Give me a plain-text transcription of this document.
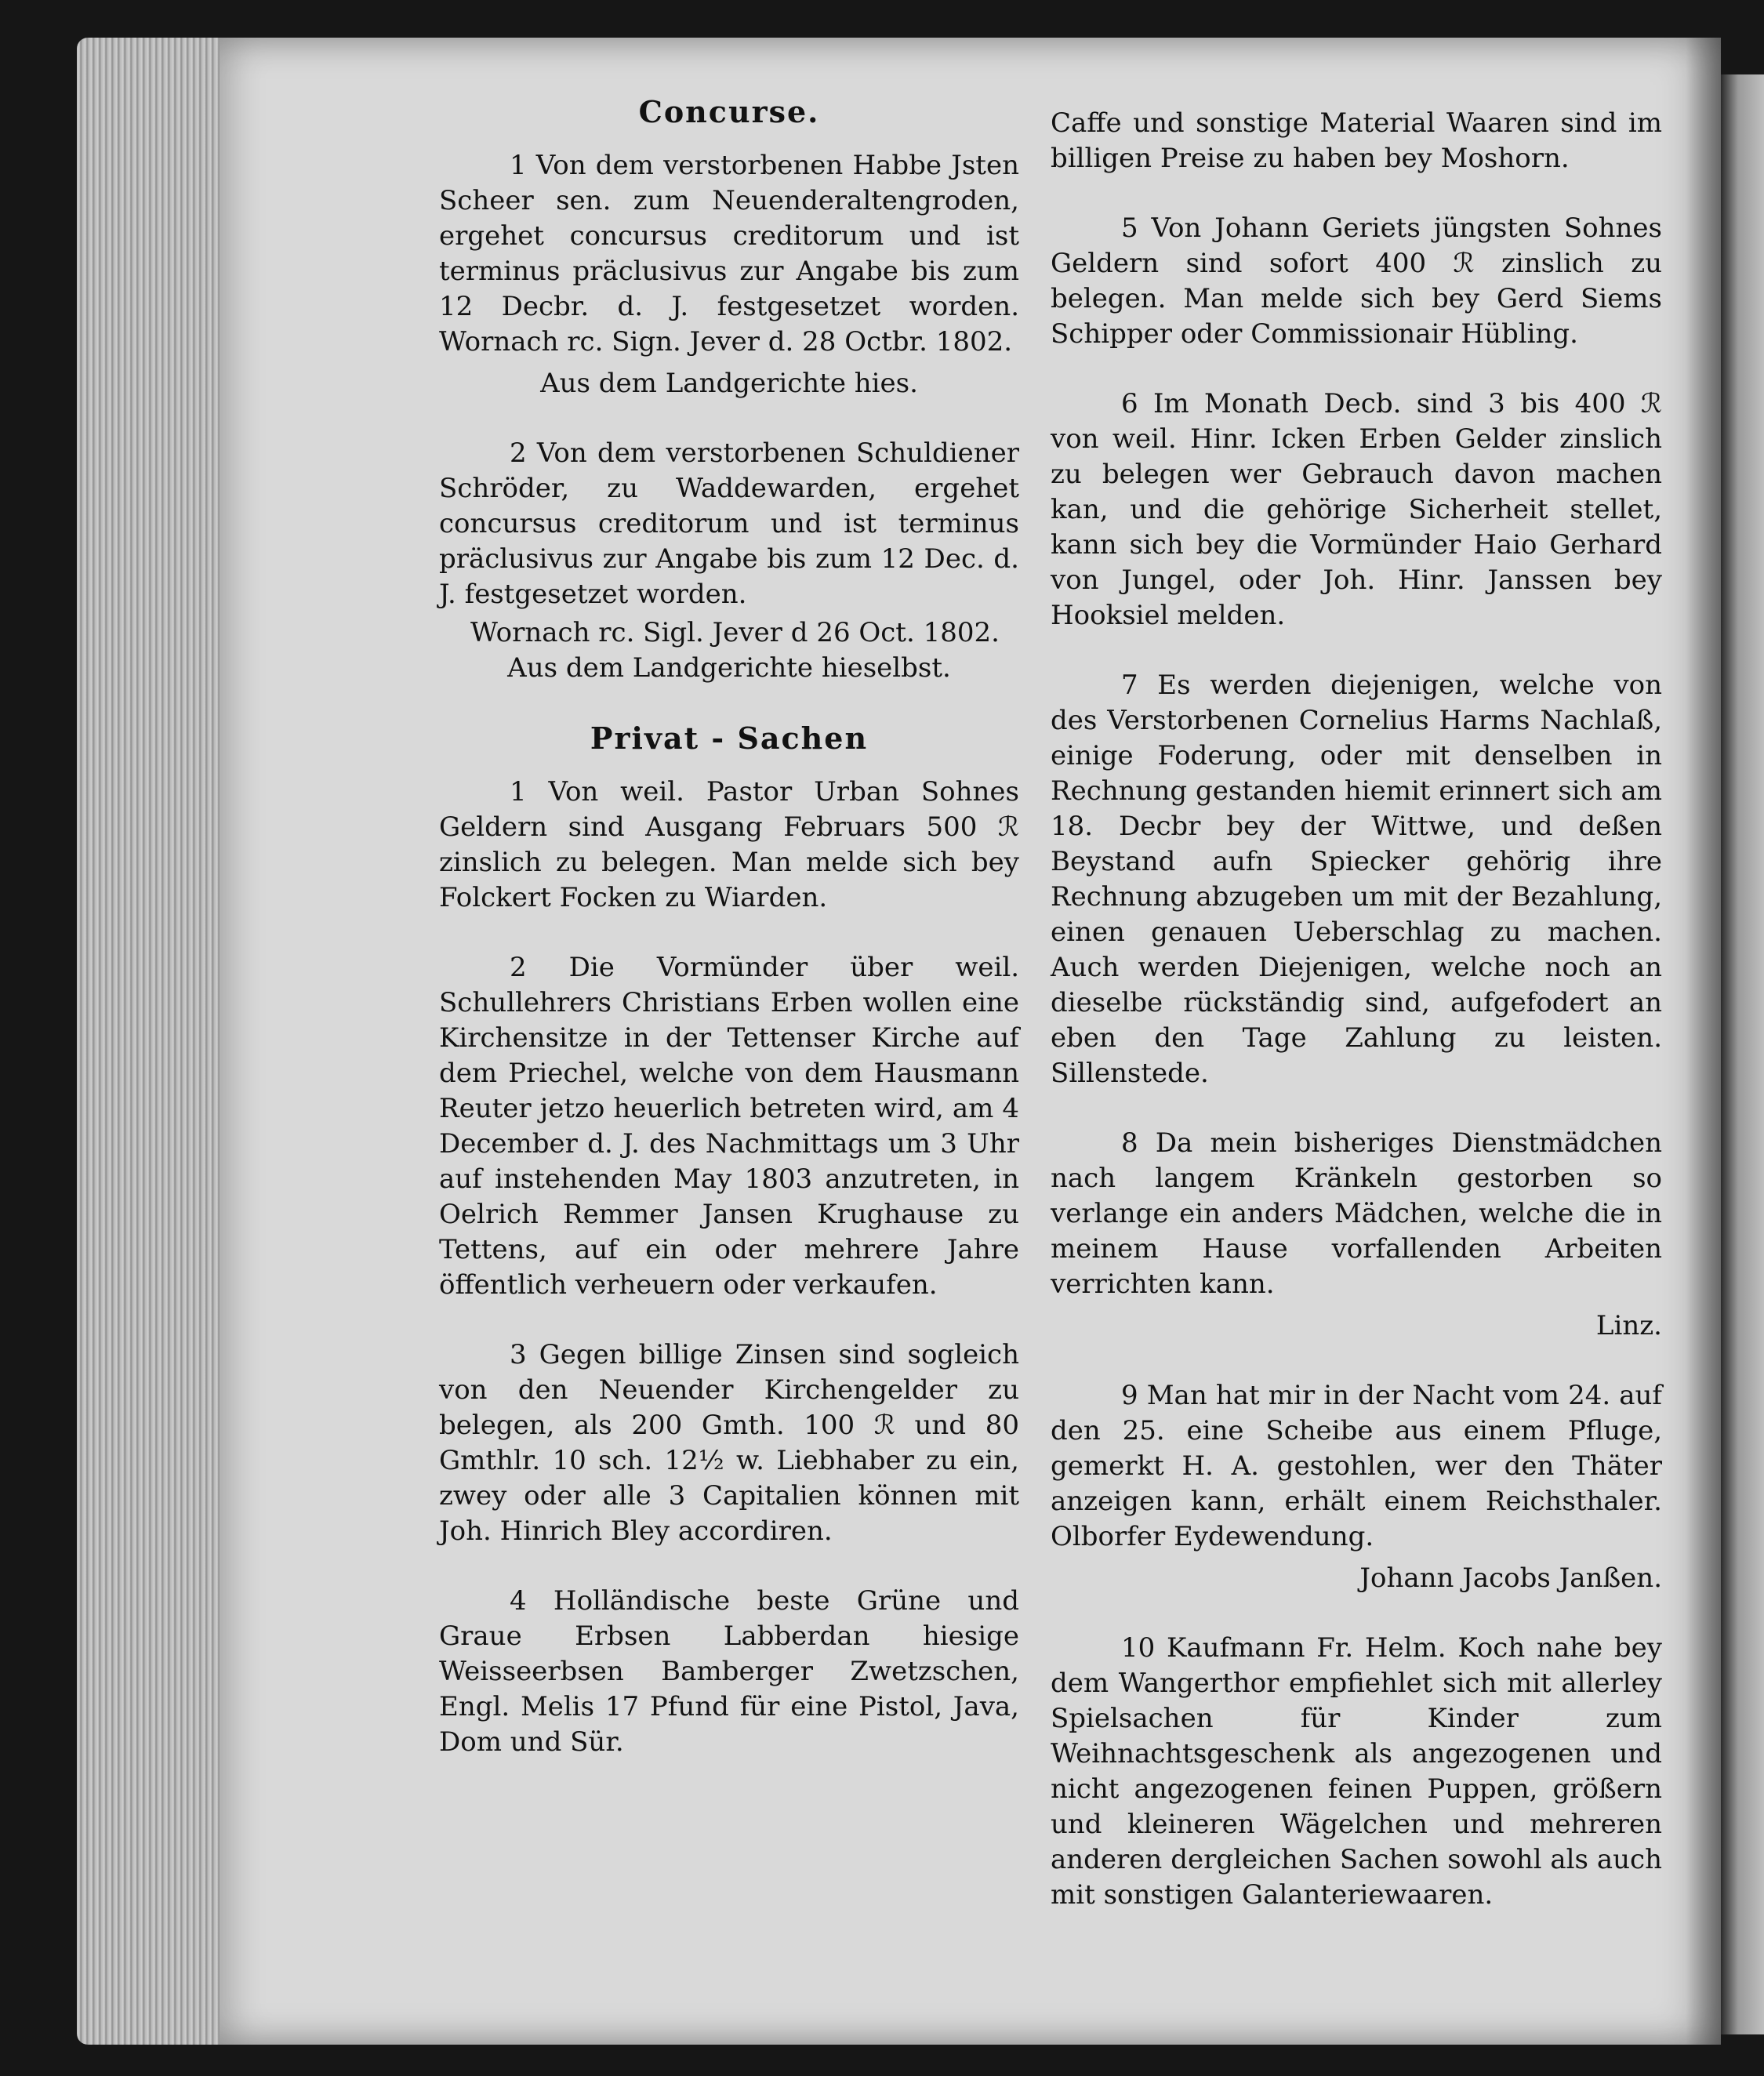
Concurse.

1 Von dem verstorbenen Habbe Jsten Scheer sen. zum Neuenderaltengroden, ergehet concursus creditorum und ist terminus präclusivus zur Angabe bis zum 12 Decbr. d. J. festgesetzet worden. Wornach rc. Sign. Jever d. 28 Octbr. 1802.

Aus dem Landgerichte hies.

2 Von dem verstorbenen Schuldiener Schröder, zu Waddewarden, ergehet concursus creditorum und ist terminus präclusivus zur Angabe bis zum 12 Dec. d. J. festgesetzet worden.

Wornach rc. Sigl. Jever d 26 Oct. 1802.

Aus dem Landgerichte hieselbst.

Privat - Sachen

1 Von weil. Pastor Urban Sohnes Geldern sind Ausgang Februars 500 ℛ zinslich zu belegen. Man melde sich bey Folckert Focken zu Wiarden.

2 Die Vormünder über weil. Schullehrers Christians Erben wollen eine Kirchensitze in der Tettenser Kirche auf dem Priechel, welche von dem Hausmann Reuter jetzo heuerlich betreten wird, am 4 December d. J. des Nachmittags um 3 Uhr auf instehenden May 1803 anzutreten, in Oelrich Remmer Jansen Krughause zu Tettens, auf ein oder mehrere Jahre öffentlich verheuern oder verkaufen.

3 Gegen billige Zinsen sind sogleich von den Neuender Kirchengelder zu belegen, als 200 Gmth. 100 ℛ und 80 Gmthlr. 10 sch. 12½ w. Liebhaber zu ein, zwey oder alle 3 Capitalien können mit Joh. Hinrich Bley accordiren.

4 Holländische beste Grüne und Graue Erbsen Labberdan hiesige Weisseerbsen Bamberger Zwetzschen, Engl. Melis 17 Pfund für eine Pistol, Java, Dom und Sür.

Caffe und sonstige Material Waaren sind im billigen Preise zu haben bey Moshorn.

5 Von Johann Geriets jüngsten Sohnes Geldern sind sofort 400 ℛ zinslich zu belegen. Man melde sich bey Gerd Siems Schipper oder Commissionair Hübling.

6 Im Monath Decb. sind 3 bis 400 ℛ von weil. Hinr. Icken Erben Gelder zinslich zu belegen wer Gebrauch davon machen kan, und die gehörige Sicherheit stellet, kann sich bey die Vormünder Haio Gerhard von Jungel, oder Joh. Hinr. Janssen bey Hooksiel melden.

7 Es werden diejenigen, welche von des Verstorbenen Cornelius Harms Nachlaß, einige Foderung, oder mit denselben in Rechnung gestanden hiemit erinnert sich am 18. Decbr bey der Wittwe, und deßen Beystand aufn Spiecker gehörig ihre Rechnung abzugeben um mit der Bezahlung, einen genauen Ueberschlag zu machen. Auch werden Diejenigen, welche noch an dieselbe rückständig sind, aufgefodert an eben den Tage Zahlung zu leisten. Sillenstede.

8 Da mein bisheriges Dienstmädchen nach langem Kränkeln gestorben so verlange ein anders Mädchen, welche die in meinem Hause vorfallenden Arbeiten verrichten kann.

Linz.

9 Man hat mir in der Nacht vom 24. auf den 25. eine Scheibe aus einem Pfluge, gemerkt H. A. gestohlen, wer den Thäter anzeigen kann, erhält einem Reichsthaler. Olborfer Eydewendung.

Johann Jacobs Janßen.

10 Kaufmann Fr. Helm. Koch nahe bey dem Wangerthor empfiehlet sich mit allerley Spielsachen für Kinder zum Weihnachtsgeschenk als angezogenen und nicht angezogenen feinen Puppen, größern und kleineren Wägelchen und mehreren anderen dergleichen Sachen sowohl als auch mit sonstigen Galanteriewaaren.
